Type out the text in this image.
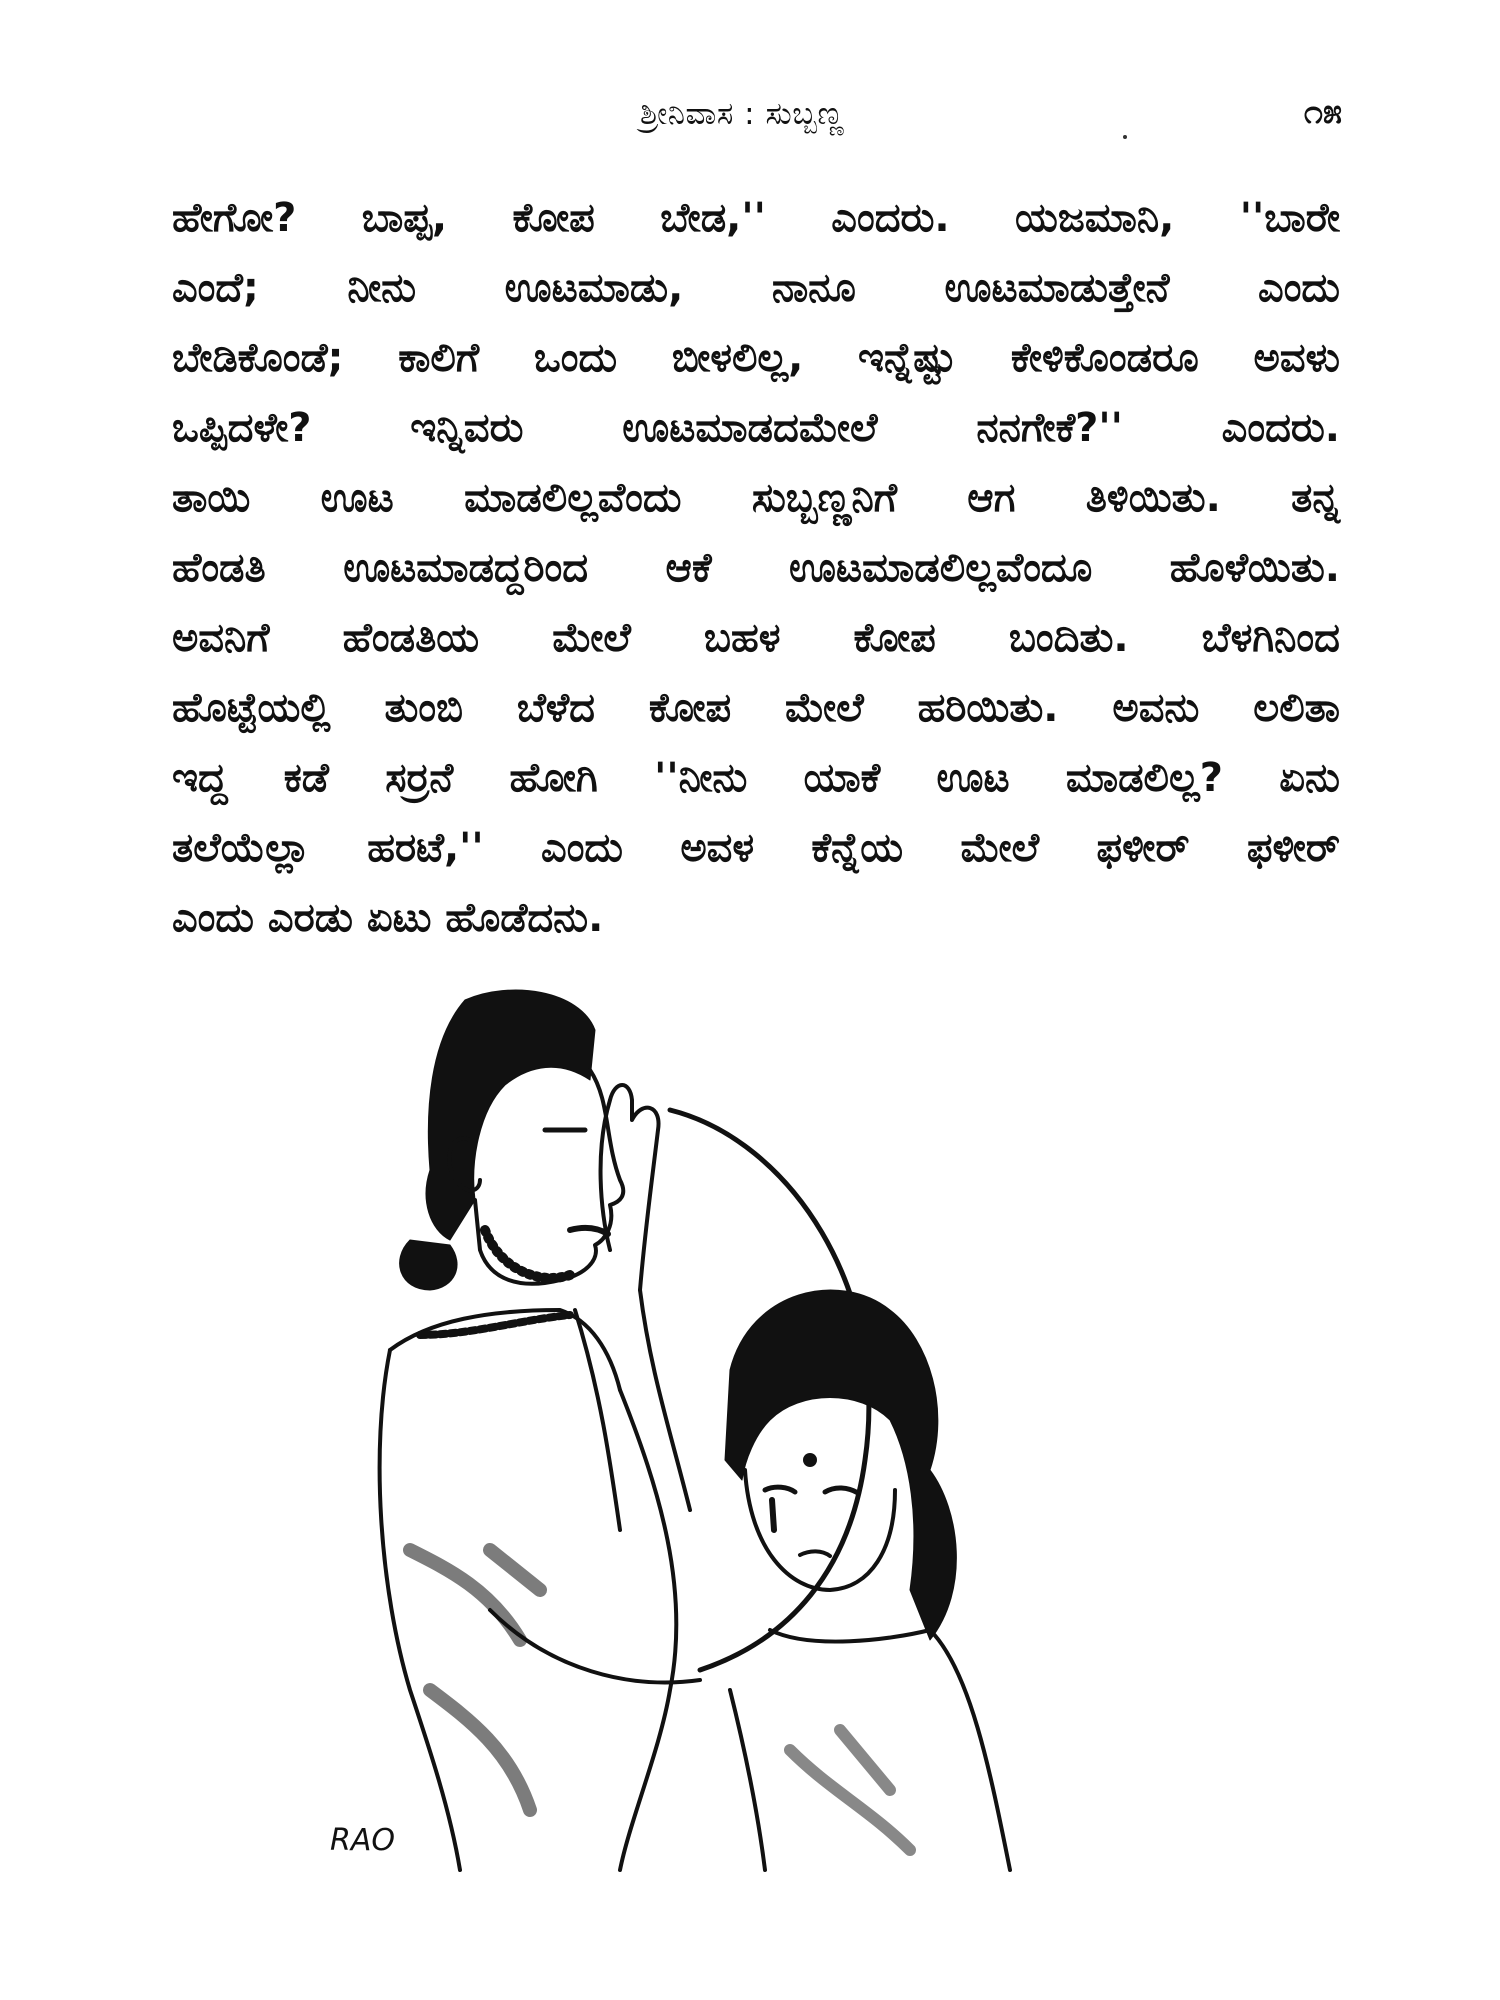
ಶ್ರೀನಿವಾಸ : ಸುಬ್ಬಣ್ಣ	೧೫
ಹೇಗೋ? ಬಾಪ್ಪ, ಕೋಪ ಬೇಡ,'' ಎಂದರು. ಯಜಮಾನಿ, ''ಬಾರೇ
ಎಂದೆ; ನೀನು ಊಟಮಾಡು, ನಾನೂ ಊಟಮಾಡುತ್ತೇನೆ ಎಂದು
ಬೇಡಿಕೊಂಡೆ; ಕಾಲಿಗೆ ಒಂದು ಬೀಳಲಿಲ್ಲ, ಇನ್ನೆಷ್ಟು ಕೇಳಿಕೊಂಡರೂ ಅವಳು
ಒಪ್ಪಿದಳೇ? ಇನ್ನಿವರು ಊಟಮಾಡದಮೇಲೆ ನನಗೇಕೆ?'' ಎಂದರು.
ತಾಯಿ ಊಟ ಮಾಡಲಿಲ್ಲವೆಂದು ಸುಬ್ಬಣ್ಣನಿಗೆ ಆಗ ತಿಳಿಯಿತು. ತನ್ನ
ಹೆಂಡತಿ ಊಟಮಾಡದ್ದರಿಂದ ಆಕೆ ಊಟಮಾಡಲಿಲ್ಲವೆಂದೂ ಹೊಳೆಯಿತು.
ಅವನಿಗೆ ಹೆಂಡತಿಯ ಮೇಲೆ ಬಹಳ ಕೋಪ ಬಂದಿತು. ಬೆಳಗಿನಿಂದ
ಹೊಟ್ಟೆಯಲ್ಲಿ ತುಂಬಿ ಬೆಳೆದ ಕೋಪ ಮೇಲೆ ಹರಿಯಿತು. ಅವನು ಲಲಿತಾ
ಇದ್ದ ಕಡೆ ಸರ್‍ರನೆ ಹೋಗಿ ''ನೀನು ಯಾಕೆ ಊಟ ಮಾಡಲಿಲ್ಲ? ಏನು
ತಲೆಯೆಲ್ಲಾ ಹರಟೆ,'' ಎಂದು ಅವಳ ಕೆನ್ನೆಯ ಮೇಲೆ ಫಳೀರ್ ಫಳೀರ್
ಎಂದು ಎರಡು ಏಟು ಹೊಡೆದನು.
RAO
